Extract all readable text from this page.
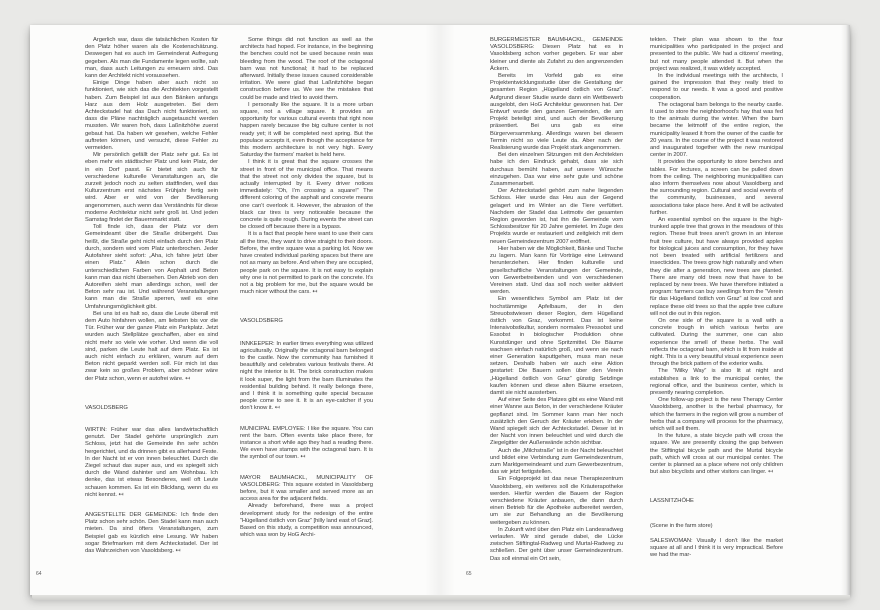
Ärgerlich war, dass die tatsächlichen Kosten für den Platz höher waren als die Kostenschätzung. Deswegen hat es auch im Gemeinderat Aufregung gegeben. Als man die Fundamente legen wollte, sah man, dass auch Leitungen zu erneuern sind. Das kann der Architekt nicht voraussehen.
Einige Dinge haben aber auch nicht so funktioniert, wie sich das die Architekten vorgestellt haben. Zum Beispiel ist aus den Bänken anfangs Harz aus dem Holz ausgetreten. Bei dem Achteckstadel hat das Dach nicht funktioniert, so dass die Pläne nachträglich ausgetauscht werden mussten. Wir waren froh, dass Laßnitzhöhe zuerst gebaut hat. Da haben wir gesehen, welche Fehler auftreten können, und versucht, diese Fehler zu vermeiden.
Mir persönlich gefällt der Platz sehr gut. Es ist eben mehr ein städtischer Platz und kein Platz, der in ein Dorf passt. Er bietet sich auch für verschiedene kulturelle Veranstaltungen an, die zurzeit jedoch noch zu selten stattfinden, weil das Kulturzentrum erst nächstes Frühjahr fertig sein wird. Aber er wird von der Bevölkerung angenommen, auch wenn das Verständnis für diese moderne Architektur nicht sehr groß ist. Und jeden Samstag findet der Bauernmarkt statt.
Toll finde ich, dass der Platz vor dem Gemeindeamt über die Straße drübergeht. Das heißt, die Straße geht nicht einfach durch den Platz durch, sondern wird vom Platz unterbrochen. Jeder Autofahrer sieht sofort: „Aha, ich fahre jetzt über einen Platz.“ Allein schon durch die unterschiedlichen Farben von Asphalt und Beton kann man das nicht übersehen. Den Abrieb von den Autoreifen sieht man allerdings schon, weil der Beton sehr rau ist. Und während Veranstaltungen kann man die Straße sperren, weil es eine Umfahrungsmöglichkeit gibt.
Bei uns ist es halt so, dass die Leute überall mit dem Auto hinfahren wollen, am liebsten bis vor die Tür. Früher war der ganze Platz ein Parkplatz. Jetzt wurden auch Stellplätze geschaffen, aber es sind nicht mehr so viele wie vorher. Und wenn die voll sind, parken die Leute halt auf dem Platz. Es ist auch nicht einfach zu erklären, warum auf dem Beton nicht geparkt werden soll. Für mich ist das zwar kein so großes Problem, aber schöner wäre der Platz schon, wenn er autofrei wäre. ↤
VASOLDSBERG
WIRTIN: Früher war das alles landwirtschaftlich genutzt. Der Stadel gehörte ursprünglich zum Schloss, jetzt hat die Gemeinde ihn sehr schön hergerichtet, und da drinnen gibt es allerhand Feste. In der Nacht ist er von innen beleuchtet. Durch die Ziegel schaut das super aus, und es spiegelt sich durch die Wand dahinter und am Wohnbau. Ich denke, das ist etwas Besonderes, weil oft Leute schauen kommen. Es ist ein Blickfang, wenn du es nicht kennst. ↤
ANGESTELLTE DER GEMEINDE: Ich finde den Platz schon sehr schön. Den Stadel kann man auch mieten. Da sind öfters Veranstaltungen, zum Beispiel gab es kürzlich eine Lesung. Wir haben sogar Briefmarken mit dem Achteckstadel. Der ist das Wahrzeichen von Vasoldsberg. ↤
Some things did not function as well as the architects had hoped. For instance, in the beginning the benches could not be used because resin was bleeding from the wood. The roof of the octagonal barn was not functional; it had to be replaced afterward. Initially these issues caused considerable irritation. We were glad that Laßnitzhöhe began construction before us. We see the mistakes that could be made and tried to avoid them.
I personally like the square. It is a more urban square, not a village square. It provides an opportunity for various cultural events that right now happen rarely because the big culture center is not ready yet; it will be completed next spring. But the populace accepts it, even though the acceptance for this modern architecture is not very high. Every Saturday the farmers’ market is held here.
I think it is great that the square crosses the street in front of the municipal office. That means that the street not only divides the square, but is actually interrupted by it. Every driver notices immediately: “Oh, I’m crossing a square!” The different coloring of the asphalt and concrete means one can’t overlook it. However, the abrasion of the black car tires is very noticeable because the concrete is quite rough. During events the street can be closed off because there is a bypass.
It is a fact that people here want to use their cars all the time, they want to drive straight to their doors. Before, the entire square was a parking lot. Now we have created individual parking spaces but there are not as many as before. And when they are occupied, people park on the square. It is not easy to explain why one is not permitted to park on the concrete. It’s not a big problem for me, but the square would be much nicer without the cars. ↤
VASOLDSBERG
INNKEEPER: In earlier times everything was utilized agriculturally. Originally the octagonal barn belonged to the castle. Now the community has furnished it beautifully and celebrates various festivals there. At night the interior is lit. The brick construction makes it look super, the light from the barn illuminates the residential building behind. It really belongs there, and I think it is something quite special because people come to see it. It is an eye-catcher if you don’t know it. ↤
MUNICIPAL EMPLOYEE: I like the square. You can rent the barn. Often events take place there, for instance a short while ago they had a reading there. We even have stamps with the octagonal barn. It is the symbol of our town. ↤
MAYOR BAUMHACKL, MUNICIPALITY OF VASOLDBERG: This square existed in Vasoldsberg before, but it was smaller and served more as an access area for the adjacent fields.
Already beforehand, there was a project development study for the redesign of the entire “Hügelland östlich von Graz” [hilly land east of Graz]. Based on this study, a competition was announced, which was won by HoG Archi-
64
BÜRGERMEISTER BAUMHACKL, GEMEINDE VASOLDSBERG: Diesen Platz hat es in Vasoldsberg schon vorher gegeben. Er war aber kleiner und diente als Zufahrt zu den angrenzenden Äckern.
Bereits im Vorfeld gab es eine Projektentwicklungsstudie über die Gestaltung der gesamten Region „Hügelland östlich von Graz“. Aufgrund dieser Studie wurde dann ein Wettbewerb ausgelobt, den HoG Architektur gewonnen hat. Der Entwurf wurde den ganzen Gemeinden, die am Projekt beteiligt sind, und auch der Bevölkerung präsentiert. Bei uns gab es eine Bürgerversammlung. Allerdings waren bei diesem Termin nicht so viele Leute da. Aber nach der Realisierung wurde das Projekt stark angenommen.
Bei den einzelnen Sitzungen mit den Architekten habe ich den Eindruck gehabt, dass sie sich durchaus bemüht haben, auf unsere Wünsche einzugehen. Das war eine sehr gute und schöne Zusammenarbeit.
Der Achteckstadel gehört zum nahe liegenden Schloss. Hier wurde das Heu aus der Gegend gelagert und im Winter an die Tiere verfüttert. Nachdem der Stadel das Leitmotiv der gesamten Region geworden ist, hat ihn die Gemeinde vom Schlossbesitzer für 20 Jahre gemietet. Im Zuge des Projekts wurde er restauriert und zeitgleich mit dem neuen Gemeindezentrum 2007 eröffnet.
Hier haben wir die Möglichkeit, Bänke und Tische zu lagern. Man kann für Vorträge eine Leinwand herunterziehen. Hier finden kulturelle und gesellschaftliche Veranstaltungen der Gemeinde, von Gewerbetreibenden und von verschiedenen Vereinen statt. Und das soll noch weiter aktiviert werden.
Ein wesentliches Symbol am Platz ist der hochstämmige Apfelbaum, der in den Streuobstwiesen dieser Region, dem Hügelland östlich von Graz, vorkommt. Das ist keine Intensivobstkultur, sondern normales Pressobst und Essobst in biologischer Produktion ohne Kunstdünger und ohne Spritzmittel. Die Bäume wachsen einfach natürlich groß, und wenn sie nach einer Generation kaputtgehen, muss man neue setzen. Deshalb haben wir auch eine Aktion gestartet: Die Bauern sollen über den Verein „Hügelland östlich von Graz“ günstig Setzlinge kaufen können und diese alten Bäume ersetzen, damit sie nicht aussterben.
Auf einer Seite des Platzes gibt es eine Wand mit einer Wanne aus Beton, in der verschiedene Kräuter gepflanzt sind. Im Sommer kann man hier noch zusätzlich den Geruch der Kräuter erleben. In der Wand spiegelt sich der Achteckstadel. Dieser ist in der Nacht von innen beleuchtet und wird durch die Ziegelgitter der Außenwände schön sichtbar.
Auch die „Milchstraße“ ist in der Nacht beleuchtet und bildet eine Verbindung zum Gemeindezentrum, zum Marktgemeindeamt und zum Gewerbezentrum, das wir jetzt fertigstellen.
Ein Folgeprojekt ist das neue Therapiezentrum Vasoldsberg, ein weiteres soll die Kräuterapotheke werden. Hierfür werden die Bauern der Region verschiedene Kräuter anbauen, die dann durch einen Betrieb für die Apotheke aufbereitet werden, um sie zur Behandlung an die Bevölkerung weitergeben zu können.
In Zukunft wird über den Platz ein Landesradweg verlaufen. Wir sind gerade dabei, die Lücke zwischen Stiftingtal-Radweg und Murtal-Radweg zu schließen. Der geht über unser Gemeindezentrum. Das soll einmal ein Ort sein,
tekten. Their plan was shown to the four municipalities who participated in the project and presented to the public. We had a citizens’ meeting, but not many people attended it. But when the project was realized, it was widely accepted.
In the individual meetings with the architects, I gained the impression that they really tried to respond to our needs. It was a good and positive cooperation.
The octagonal barn belongs to the nearby castle. It used to store the neighborhood’s hay that was fed to the animals during the winter. When the barn became the leitmotif of the entire region, the municipality leased it from the owner of the castle for 20 years. In the course of the project it was restored and inaugurated together with the new municipal center in 2007.
It provides the opportunity to store benches and tables. For lectures, a screen can be pulled down from the ceiling. The neighboring municipalities can also inform themselves now about Vasoldberg and the surrounding region. Cultural and social events of the community, businesses, and several associations take place here. And it will be activated further.
An essential symbol on the square is the high-trunked apple tree that grows in the meadows of this region. These fruit trees aren’t grown in an intense fruit tree culture, but have always provided apples for biological juices and consumption, for they have not been treated with artificial fertilizers and insecticides. The trees grow high naturally and when they die after a generation, new trees are planted. There are many old trees now that have to be replaced by new trees. We have therefore initiated a program: farmers can buy seedlings from the “Verein für das Hügelland östlich von Graz” at low cost and replace these old trees so that the apple tree culture will not die out in this region.
On one side of the square is a wall with a concrete trough in which various herbs are cultivated. During the summer, one can also experience the smell of these herbs. The wall reflects the octagonal barn, which is lit from inside at night. This is a very beautiful visual experience seen through the brick pattern of the exterior walls.
The “Milky Way” is also lit at night and establishes a link to the municipal center, the regional office, and the business center, which is presently nearing completion.
One follow-up project is the new Therapy Center Vasoldsberg, another is the herbal pharmacy, for which the farmers in the region will grow a number of herbs that a company will process for the pharmacy, which will sell them.
In the future, a state bicycle path will cross the square. We are presently closing the gap between the Stiftingtal bicycle path and the Murtal bicycle path, which will cross at our municipal center. The center is planned as a place where not only children but also bicyclists and other visitors can linger. ↤
LASSNITZHÖHE
(Scene in the farm store)
SALESWOMAN: Visually I don’t like the market square at all and I think it is very impractical. Before we had the mar-
65
